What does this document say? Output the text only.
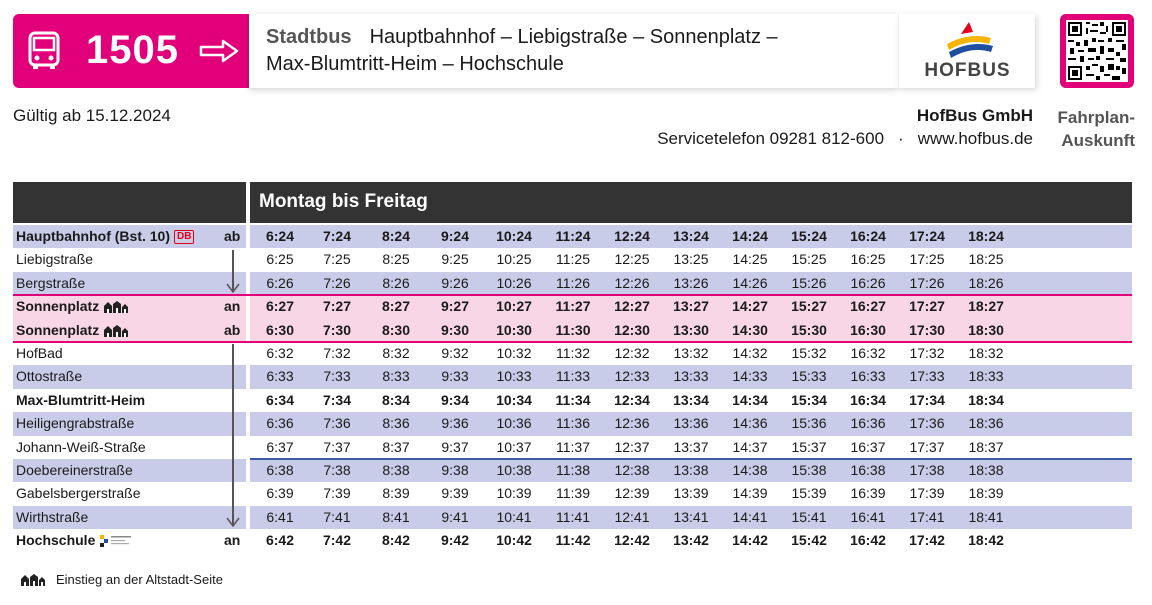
1505	Stadtbus Hauptbahnhof – Liebigstraße – Sonnenplatz –
Max-Blumtritt-Heim – Hochschule	HOFBUS
Gültig ab 15.12.2024	HofBus GmbH
Servicetelefon 09281 812-600 · www.hofbus.de
Fahrplan-
Auskunft
Montag bis Freitag
Hauptbahnhof (Bst. 10) DB ab	6:24	7:24	8:24	9:24	10:24	11:24	12:24	13:24	14:24	15:24	16:24	17:24	18:24
Liebigstraße	6:25	7:25	8:25	9:25	10:25	11:25	12:25	13:25	14:25	15:25	16:25	17:25	18:25
Bergstraße	6:26	7:26	8:26	9:26	10:26	11:26	12:26	13:26	14:26	15:26	16:26	17:26	18:26
Sonnenplatz	an	6:27	7:27	8:27	9:27	10:27	11:27	12:27	13:27	14:27	15:27	16:27	17:27	18:27
Sonnenplatz	ab	6:30	7:30	8:30	9:30	10:30	11:30	12:30	13:30	14:30	15:30	16:30	17:30	18:30
HofBad	6:32	7:32	8:32	9:32	10:32	11:32	12:32	13:32	14:32	15:32	16:32	17:32	18:32
Ottostraße	6:33	7:33	8:33	9:33	10:33	11:33	12:33	13:33	14:33	15:33	16:33	17:33	18:33
Max-Blumtritt-Heim	6:34	7:34	8:34	9:34	10:34	11:34	12:34	13:34	14:34	15:34	16:34	17:34	18:34
Heiligengrabstraße	6:36	7:36	8:36	9:36	10:36	11:36	12:36	13:36	14:36	15:36	16:36	17:36	18:36
Johann-Weiß-Straße	6:37	7:37	8:37	9:37	10:37	11:37	12:37	13:37	14:37	15:37	16:37	17:37	18:37
Doebereinerstraße	6:38	7:38	8:38	9:38	10:38	11:38	12:38	13:38	14:38	15:38	16:38	17:38	18:38
Gabelsbergerstraße	6:39	7:39	8:39	9:39	10:39	11:39	12:39	13:39	14:39	15:39	16:39	17:39	18:39
Wirthstraße	6:41	7:41	8:41	9:41	10:41	11:41	12:41	13:41	14:41	15:41	16:41	17:41	18:41
Hochschule	an	6:42	7:42	8:42	9:42	10:42	11:42	12:42	13:42	14:42	15:42	16:42	17:42	18:42
Einstieg an der Altstadt-Seite
